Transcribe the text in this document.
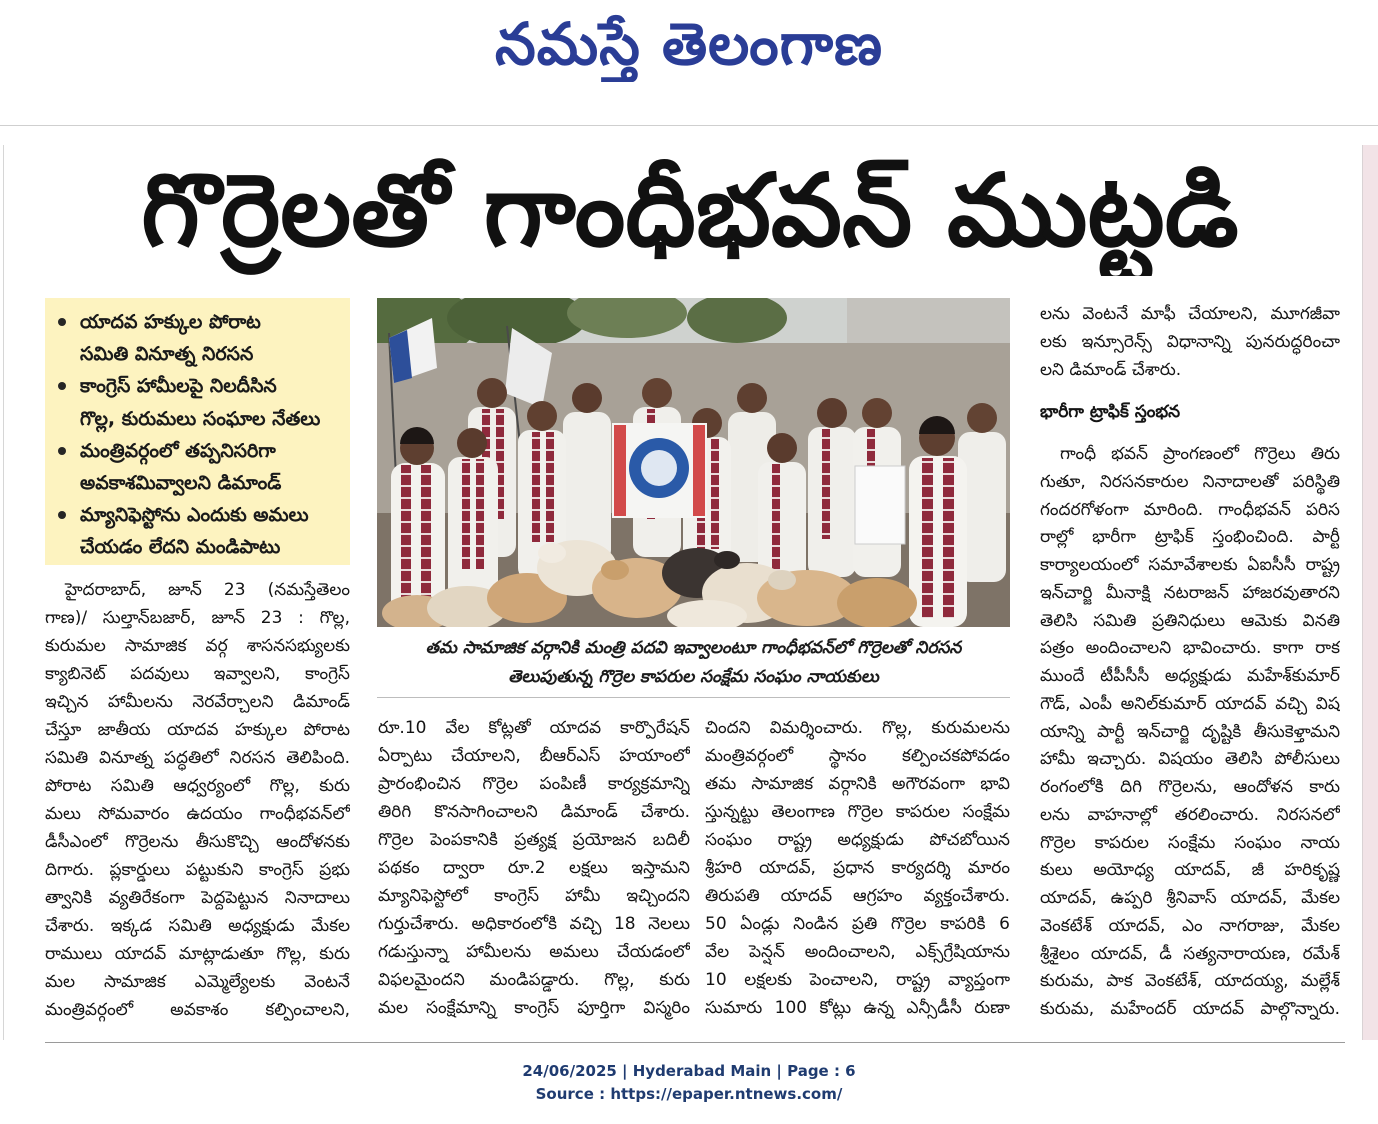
నమస్తే తెలంగాణ
గొర్రెలతో గాంధీభవన్ ముట్టడి
యాదవ హక్కుల పోరాట
సమితి వినూత్న నిరసన
కాంగ్రెస్ హామీలపై నిలదీసిన
గొల్ల, కురుమలు సంఘాల నేతలు
మంత్రివర్గంలో తప్పనిసరిగా
అవకాశమివ్వాలని డిమాండ్
మ్యానిఫెస్టోను ఎందుకు అమలు
చేయడం లేదని మండిపాటు
తమ సామాజిక వర్గానికి మంత్రి పదవి ఇవ్వాలంటూ గాంధీభవన్‌లో గొర్రెలతో నిరసన
తెలుపుతున్న గొర్రెల కాపరుల సంక్షేమ సంఘం నాయకులు
హైదరాబాద్, జూన్ 23 (నమస్తేతెలం
గాణ)/ సుల్తాన్‌బజార్, జూన్ 23 : గొల్ల,
కురుమల సామాజిక వర్గ శాసనసభ్యులకు
క్యాబినెట్ పదవులు ఇవ్వాలని, కాంగ్రెస్
ఇచ్చిన హామీలను నెరవేర్చాలని డిమాండ్
చేస్తూ జాతీయ యాదవ హక్కుల పోరాట
సమితి వినూత్న పద్ధతిలో నిరసన తెలిపింది.
పోరాట సమితి ఆధ్వర్యంలో గొల్ల, కురు
మలు సోమవారం ఉదయం గాంధీభవన్‌లో
డీసీఎంలో గొర్రెలను తీసుకొచ్చి ఆందోళనకు
దిగారు. ప్లకార్డులు పట్టుకుని కాంగ్రెస్ ప్రభు
త్వానికి వ్యతిరేకంగా పెద్దపెట్టున నినాదాలు
చేశారు. ఇక్కడ సమితి అధ్యక్షుడు మేకల
రాములు యాదవ్ మాట్లాడుతూ గొల్ల, కురు
మల సామాజిక ఎమ్మెల్యేలకు వెంటనే
మంత్రివర్గంలో అవకాశం కల్పించాలని,
రూ.10 వేల కోట్లతో యాదవ కార్పొరేషన్
ఏర్పాటు చేయాలని, బీఆర్ఎస్ హయాంలో
ప్రారంభించిన గొర్రెల పంపిణీ కార్యక్రమాన్ని
తిరిగి కొనసాగించాలని డిమాండ్ చేశారు.
గొర్రెల పెంపకానికి ప్రత్యక్ష ప్రయోజన బదిలీ
పథకం ద్వారా రూ.2 లక్షలు ఇస్తామని
మ్యానిఫెస్టోలో కాంగ్రెస్ హామీ ఇచ్చిందని
గుర్తుచేశారు. అధికారంలోకి వచ్చి 18 నెలలు
గడుస్తున్నా హామీలను అమలు చేయడంలో
విఫలమైందని మండిపడ్డారు. గొల్ల, కురు
మల సంక్షేమాన్ని కాంగ్రెస్ పూర్తిగా విస్మరిం
చిందని విమర్శించారు. గొల్ల, కురుమలను
మంత్రివర్గంలో స్థానం కల్పించకపోవడం
తమ సామాజిక వర్గానికి అగౌరవంగా భావి
స్తున్నట్టు తెలంగాణ గొర్రెల కాపరుల సంక్షేమ
సంఘం రాష్ట్ర అధ్యక్షుడు పోచబోయిన
శ్రీహరి యాదవ్, ప్రధాన కార్యదర్శి మారం
తిరుపతి యాదవ్ ఆగ్రహం వ్యక్తంచేశారు.
50 ఏండ్లు నిండిన ప్రతి గొర్రెల కాపరికి 6
వేల పెన్షన్ అందించాలని, ఎక్స్‌గ్రేషియాను
10 లక్షలకు పెంచాలని, రాష్ట్ర వ్యాప్తంగా
సుమారు 100 కోట్లు ఉన్న ఎన్సీడీసీ రుణా
లను వెంటనే మాఫీ చేయాలని, మూగజీవా
లకు ఇన్సూరెన్స్ విధానాన్ని పునరుద్ధరించా
లని డిమాండ్ చేశారు.
భారీగా ట్రాఫిక్ స్తంభన
గాంధీ భవన్ ప్రాంగణంలో గొర్రెలు తిరు
గుతూ, నిరసనకారుల నినాదాలతో పరిస్థితి
గందరగోళంగా మారింది. గాంధీభవన్ పరిస
రాల్లో భారీగా ట్రాఫిక్ స్తంభించింది. పార్టీ
కార్యాలయంలో సమావేశాలకు ఏఐసీసీ రాష్ట్ర
ఇన్‌చార్జి మీనాక్షి నటరాజన్ హాజరవుతారని
తెలిసి సమితి ప్రతినిధులు ఆమెకు వినతి
పత్రం అందించాలని భావించారు. కాగా రాక
ముందే టీపీసీసీ అధ్యక్షుడు మహేశ్‌కుమార్
గౌడ్, ఎంపీ అనిల్‌కుమార్ యాదవ్ వచ్చి విష
యాన్ని పార్టీ ఇన్‌చార్జి దృష్టికి తీసుకెళ్తామని
హామీ ఇచ్చారు. విషయం తెలిసి పోలీసులు
రంగంలోకి దిగి గొర్రెలను, ఆందోళన కారు
లను వాహనాల్లో తరలించారు. నిరసనలో
గొర్రెల కాపరుల సంక్షేమ సంఘం నాయ
కులు అయోధ్య యాదవ్, జీ హరికృష్ణ
యాదవ్, ఉప్పరి శ్రీనివాస్ యాదవ్, మేకల
వెంకటేశ్ యాదవ్, ఎం నాగరాజు, మేకల
శ్రీశైలం యాదవ్, డీ సత్యనారాయణ, రమేశ్
కురుమ, పాక వెంకటేశ్, యాదయ్య, మల్లేశ్
కురుమ, మహేందర్ యాదవ్ పాల్గొన్నారు.
24/06/2025 | Hyderabad Main | Page : 6
Source : https://epaper.ntnews.com/
